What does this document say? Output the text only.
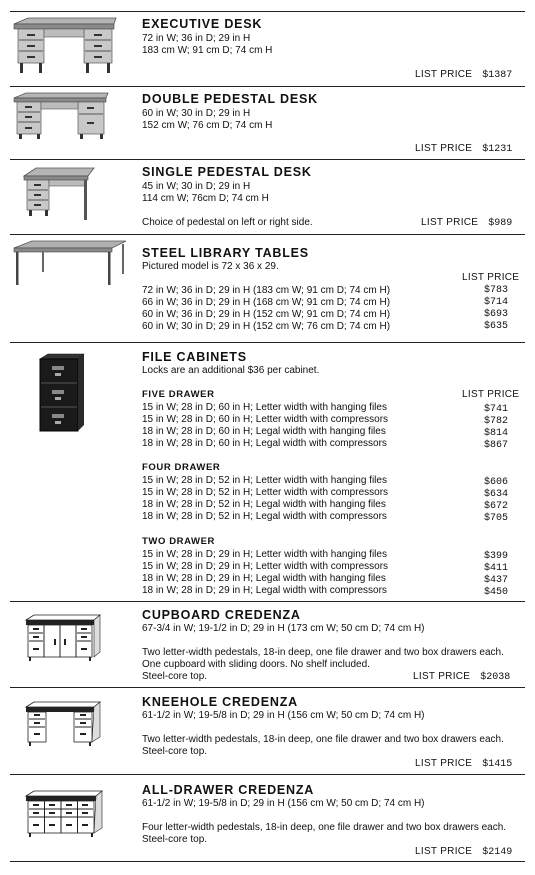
EXECUTIVE DESK
72 in W; 36 in D; 29 in H
183 cm W; 91 cm D; 74 cm H
LIST PRICE $1387
DOUBLE PEDESTAL DESK
60 in W; 30 in D; 29 in H
152 cm W; 76 cm D; 74 cm H
LIST PRICE $1231
SINGLE PEDESTAL DESK
45 in W; 30 in D; 29 in H
114 cm W; 76cm D; 74 cm H
Choice of pedestal on left or right side.	LIST PRICE $989
STEEL LIBRARY TABLES
Pictured model is 72 x 36 x 29.
LIST PRICE
72 in W; 36 in D; 29 in H (183 cm W; 91 cm D; 74 cm H)	$783
66 in W; 36 in D; 29 in H (168 cm W; 91 cm D; 74 cm H)	$714
60 in W; 36 in D; 29 in H (152 cm W; 91 cm D; 74 cm H)	$693
60 in W; 30 in D; 29 in H (152 cm W; 76 cm D; 74 cm H)	$635
FILE CABINETS
Locks are an additional $36 per cabinet.
LIST PRICE
FIVE DRAWER
15 in W; 28 in D; 60 in H; Letter width with hanging files	$741
15 in W; 28 in D; 60 in H; Letter width with compressors	$782
18 in W; 28 in D; 60 in H; Legal width with hanging files	$814
18 in W; 28 in D; 60 in H; Legal width with compressors	$867
FOUR DRAWER
15 in W; 28 in D; 52 in H; Letter width with hanging files	$606
15 in W; 28 in D; 52 in H; Letter width with compressors	$634
18 in W; 28 in D; 52 in H; Legal width with hanging files	$672
18 in W; 28 in D; 52 in H; Legal width with compressors	$705
TWO DRAWER
15 in W; 28 in D; 29 in H; Letter width with hanging files	$399
15 in W; 28 in D; 29 in H; Letter width with compressors	$411
18 in W; 28 in D; 29 in H; Legal width with hanging files	$437
18 in W; 28 in D; 29 in H; Legal width with compressors	$450
CUPBOARD CREDENZA
67-3/4 in W; 19-1/2 in D; 29 in H (173 cm W; 50 cm D; 74 cm H)
Two letter-width pedestals, 18-in deep, one file drawer and two box drawers each.
One cupboard with sliding doors. No shelf included.
Steel-core top.	LIST PRICE $2038
KNEEHOLE CREDENZA
61-1/2 in W; 19-5/8 in D; 29 in H (156 cm W; 50 cm D; 74 cm H)
Two letter-width pedestals, 18-in deep, one file drawer and two box drawers each.
Steel-core top.
LIST PRICE $1415
ALL-DRAWER CREDENZA
61-1/2 in W; 19-5/8 in D; 29 in H (156 cm W; 50 cm D; 74 cm H)
Four letter-width pedestals, 18-in deep, one file drawer and two box drawers each.
Steel-core top.
LIST PRICE $2149
